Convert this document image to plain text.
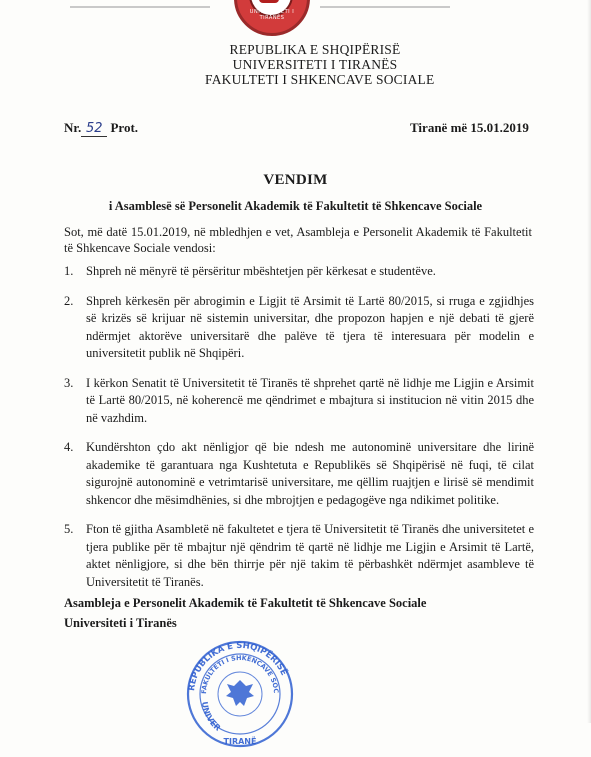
UNIVERSITETI I TIRANËS
REPUBLIKA E SHQIPËRISË
UNIVERSITETI I TIRANËS
FAKULTETI I SHKENCAVE SOCIALE
Nr. 52 Prot.	Tiranë më 15.01.2019
VENDIM
i Asamblesë së Personelit Akademik të Fakultetit të Shkencave Sociale
Sot, më datë 15.01.2019, në mbledhjen e vet, Asambleja e Personelit Akademik të Fakultetit të Shkencave Sociale vendosi:
1. Shpreh në mënyrë të përsëritur mbështetjen për kërkesat e studentëve.
2. Shpreh kërkesën për abrogimin e Ligjit të Arsimit të Lartë 80/2015, si rruga e zgjidhjes së krizës së krijuar në sistemin universitar, dhe propozon hapjen e një debati të gjerë ndërmjet aktorëve universitarë dhe palëve të tjera të interesuara për modelin e universitetit publik në Shqipëri.
3. I kërkon Senatit të Universitetit të Tiranës të shprehet qartë në lidhje me Ligjin e Arsimit të Lartë 80/2015, në koherencë me qëndrimet e mbajtura si institucion në vitin 2015 dhe në vazhdim.
4. Kundërshton çdo akt nënligjor që bie ndesh me autonominë universitare dhe lirinë akademike të garantuara nga Kushtetuta e Republikës së Shqipërisë në fuqi, të cilat sigurojnë autonominë e vetrimtarisë universitare, me qëllim ruajtjen e lirisë së mendimit shkencor dhe mësimdhënies, si dhe mbrojtjen e pedagogëve nga ndikimet politike.
5. Fton të gjitha Asambletë në fakultetet e tjera të Universitetit të Tiranës dhe universitetet e tjera publike për të mbajtur një qëndrim të qartë në lidhje me Ligjin e Arsimit të Lartë, aktet nënligjore, si dhe bën thirrje për një takim të përbashkët ndërmjet asambleve të Universitetit të Tiranës.
Asambleja e Personelit Akademik të Fakultetit të Shkencave Sociale
Universiteti i Tiranës
REPUBLIKA E SHQIPËRISË
FAKULTETI I SHKENCAVE SOC
UNIVER
TIRANË
